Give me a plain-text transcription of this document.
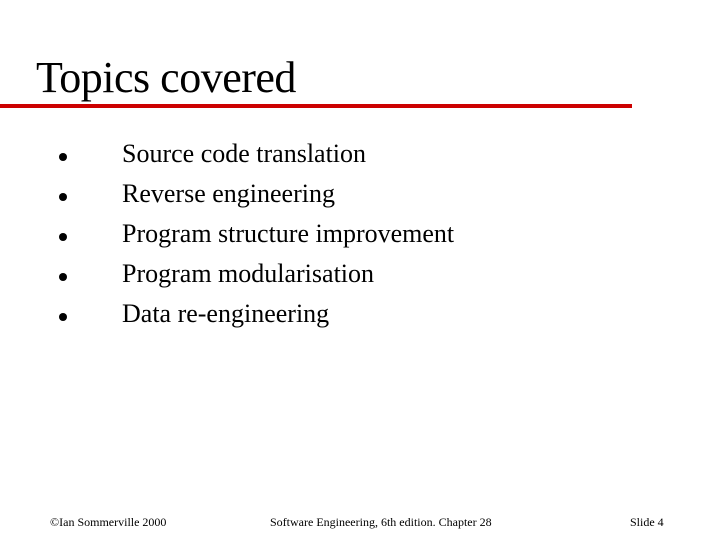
Topics covered
Source code translation
Reverse engineering
Program structure improvement
Program modularisation
Data re-engineering
©Ian Sommerville 2000	Software Engineering, 6th edition. Chapter 28	Slide 4
